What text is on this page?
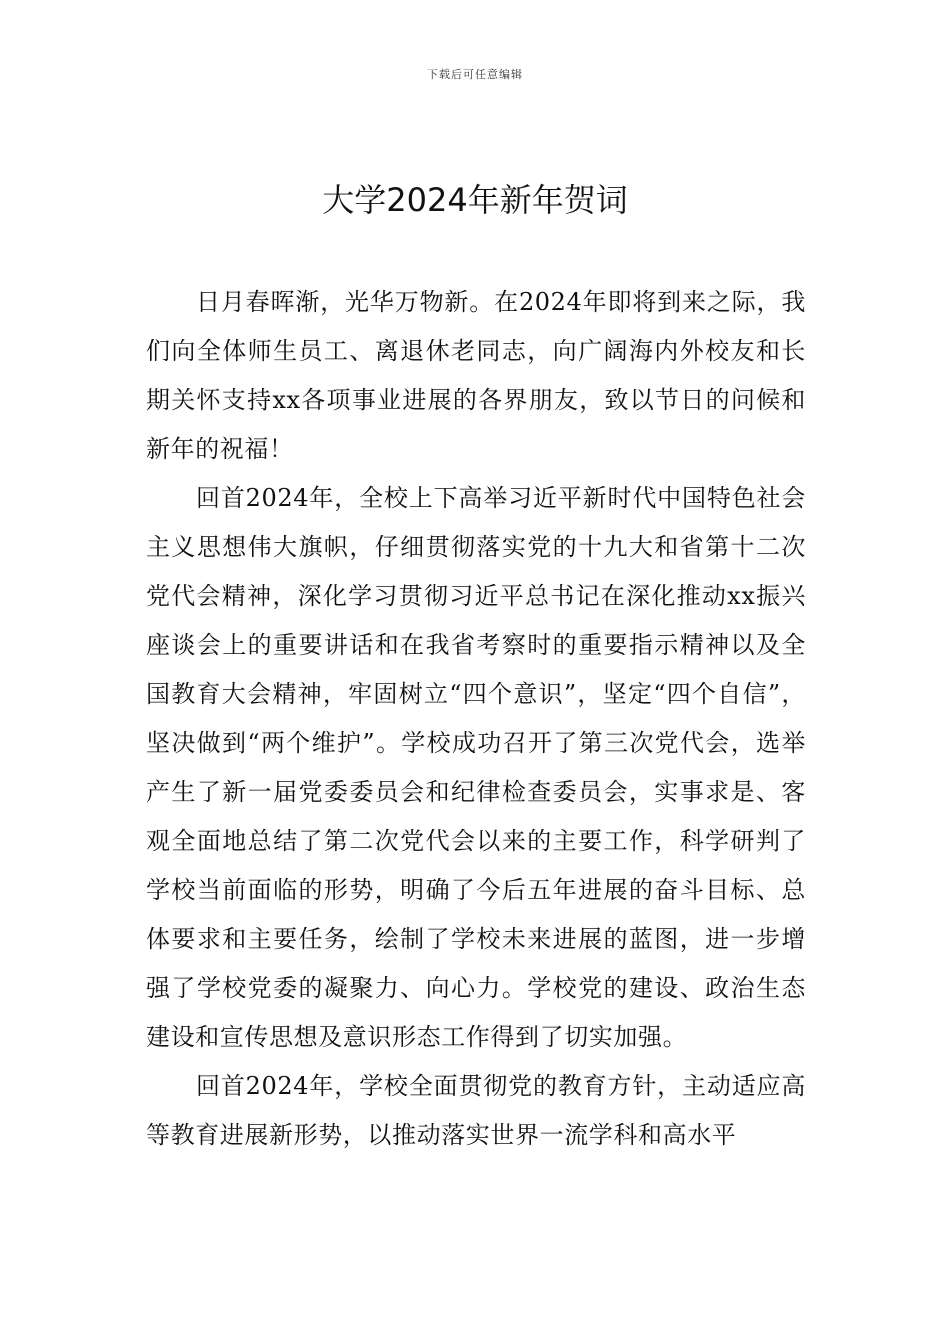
下载后可任意编辑
大学2024年新年贺词

日月春晖渐，光华万物新。在2024年即将到来之际，我们向全体师生员工、离退休老同志，向广阔海内外校友和长期关怀支持xx各项事业进展的各界朋友，致以节日的问候和新年的祝福！

回首2024年，全校上下高举习近平新时代中国特色社会主义思想伟大旗帜，仔细贯彻落实党的十九大和省第十二次党代会精神，深化学习贯彻习近平总书记在深化推动xx振兴座谈会上的重要讲话和在我省考察时的重要指示精神以及全国教育大会精神，牢固树立“四个意识”，坚定“四个自信”，坚决做到“两个维护”。学校成功召开了第三次党代会，选举产生了新一届党委委员会和纪律检查委员会，实事求是、客观全面地总结了第二次党代会以来的主要工作，科学研判了学校当前面临的形势，明确了今后五年进展的奋斗目标、总体要求和主要任务，绘制了学校未来进展的蓝图，进一步增强了学校党委的凝聚力、向心力。学校党的建设、政治生态建设和宣传思想及意识形态工作得到了切实加强。

回首2024年，学校全面贯彻党的教育方针，主动适应高等教育进展新形势，以推动落实世界一流学科和高水平
